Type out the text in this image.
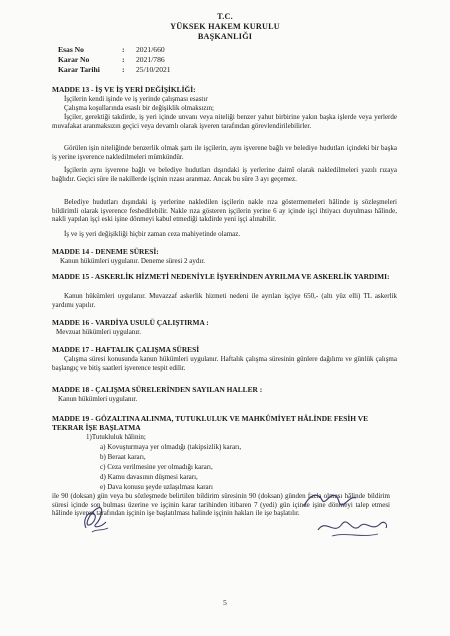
T.C.
YÜKSEK HAKEM KURULU
BAŞKANLIĞI
Esas No	: 2021/660
Karar No	: 2021/786
Karar Tarihi	: 25/10/2021
MADDE 13 - İŞ VE İŞ YERİ DEĞİŞİKLİĞİ:
İşçilerin kendi işinde ve iş yerinde çalışması esastır
Çalışma koşullarında esaslı bir değişiklik olmaksızın;
İşçiler, gerektiği takdirde, iş yeri içinde unvanı veya niteliği benzer yahut birbirine yakın başka işlerde veya yerlerde muvafakat aranmaksızın geçici veya devamlı olarak işveren tarafından görevlendirilebilirler.
Görülen işin niteliğinde benzerlik olmak şartı ile işçilerin, aynı işverene bağlı ve belediye hudutları içindeki bir başka iş yerine işverence nakledilmeleri mümkündür.
İşçilerin aynı işverene bağlı ve belediye hudutları dışındaki iş yerlerine daimî olarak nakledilmeleri yazılı rızaya bağlıdır. Geçici süre ile nakillerde işçinin rızası aranmaz. Ancak bu süre 3 ayı geçemez.
Belediye hudutları dışındaki iş yerlerine nakledilen işçilerin nakle rıza göstermemeleri hâlinde iş sözleşmeleri bildirimli olarak işverence feshedilebilir. Nakle rıza gösteren işçilerin yerine 6 ay içinde işçi ihtiyacı duyulması hâlinde, nakli yapılan işçi eski işine dönmeyi kabul etmediği takdirde yeni işçi alınabilir.
İş ve iş yeri değişikliği hiçbir zaman ceza mahiyetinde olamaz.
MADDE 14 - DENEME SÜRESİ:
Kanun hükümleri uygulanır. Deneme süresi 2 aydır.
MADDE 15 - ASKERLİK HİZMETİ NEDENİYLE İŞYERİNDEN AYRILMA VE ASKERLİK YARDIMI:
Kanun hükümleri uygulanır. Muvazzaf askerlik hizmeti nedeni ile ayrılan işçiye 650,- (altı yüz elli) TL askerlik yardımı yapılır.
MADDE 16 - VARDİYA USULÜ ÇALIŞTIRMA :
Mevzuat hükümleri uygulanır.
MADDE 17 - HAFTALIK ÇALIŞMA SÜRESİ
Çalışma süresi konusunda kanun hükümleri uygulanır. Haftalık çalışma süresinin günlere dağılımı ve günlük çalışma başlangıç ve bitiş saatleri işverence tespit edilir.
MADDE 18 - ÇALIŞMA SÜRELERİNDEN SAYILAN HALLER :
Kanun hükümleri uygulanır.
MADDE 19 - GÖZALTINA ALINMA, TUTUKLULUK VE MAHKÛMİYET HÂLİNDE FESİH VE TEKRAR İŞE BAŞLATMA
1)Tutukluluk hâlinin;
a) Kovuşturmaya yer olmadığı (takipsizlik) kararı,
b) Beraat kararı,
c) Ceza verilmesine yer olmadığı kararı,
d) Kamu davasının düşmesi kararı,
e) Dava konusu şeyde uzlaşılması kararı
ile 90 (doksan) gün veya bu sözleşmede belirtilen bildirim süresinin 90 (doksan) günden fazla olması hâlinde bildirim süresi içinde son bulması üzerine ve işçinin karar tarihinden itibaren 7 (yedi) gün içinde işine dönmeyi talep etmesi hâlinde işveren tarafından işçinin işe başlatılması halinde işçinin hakları ile işe başlatılır.
5
